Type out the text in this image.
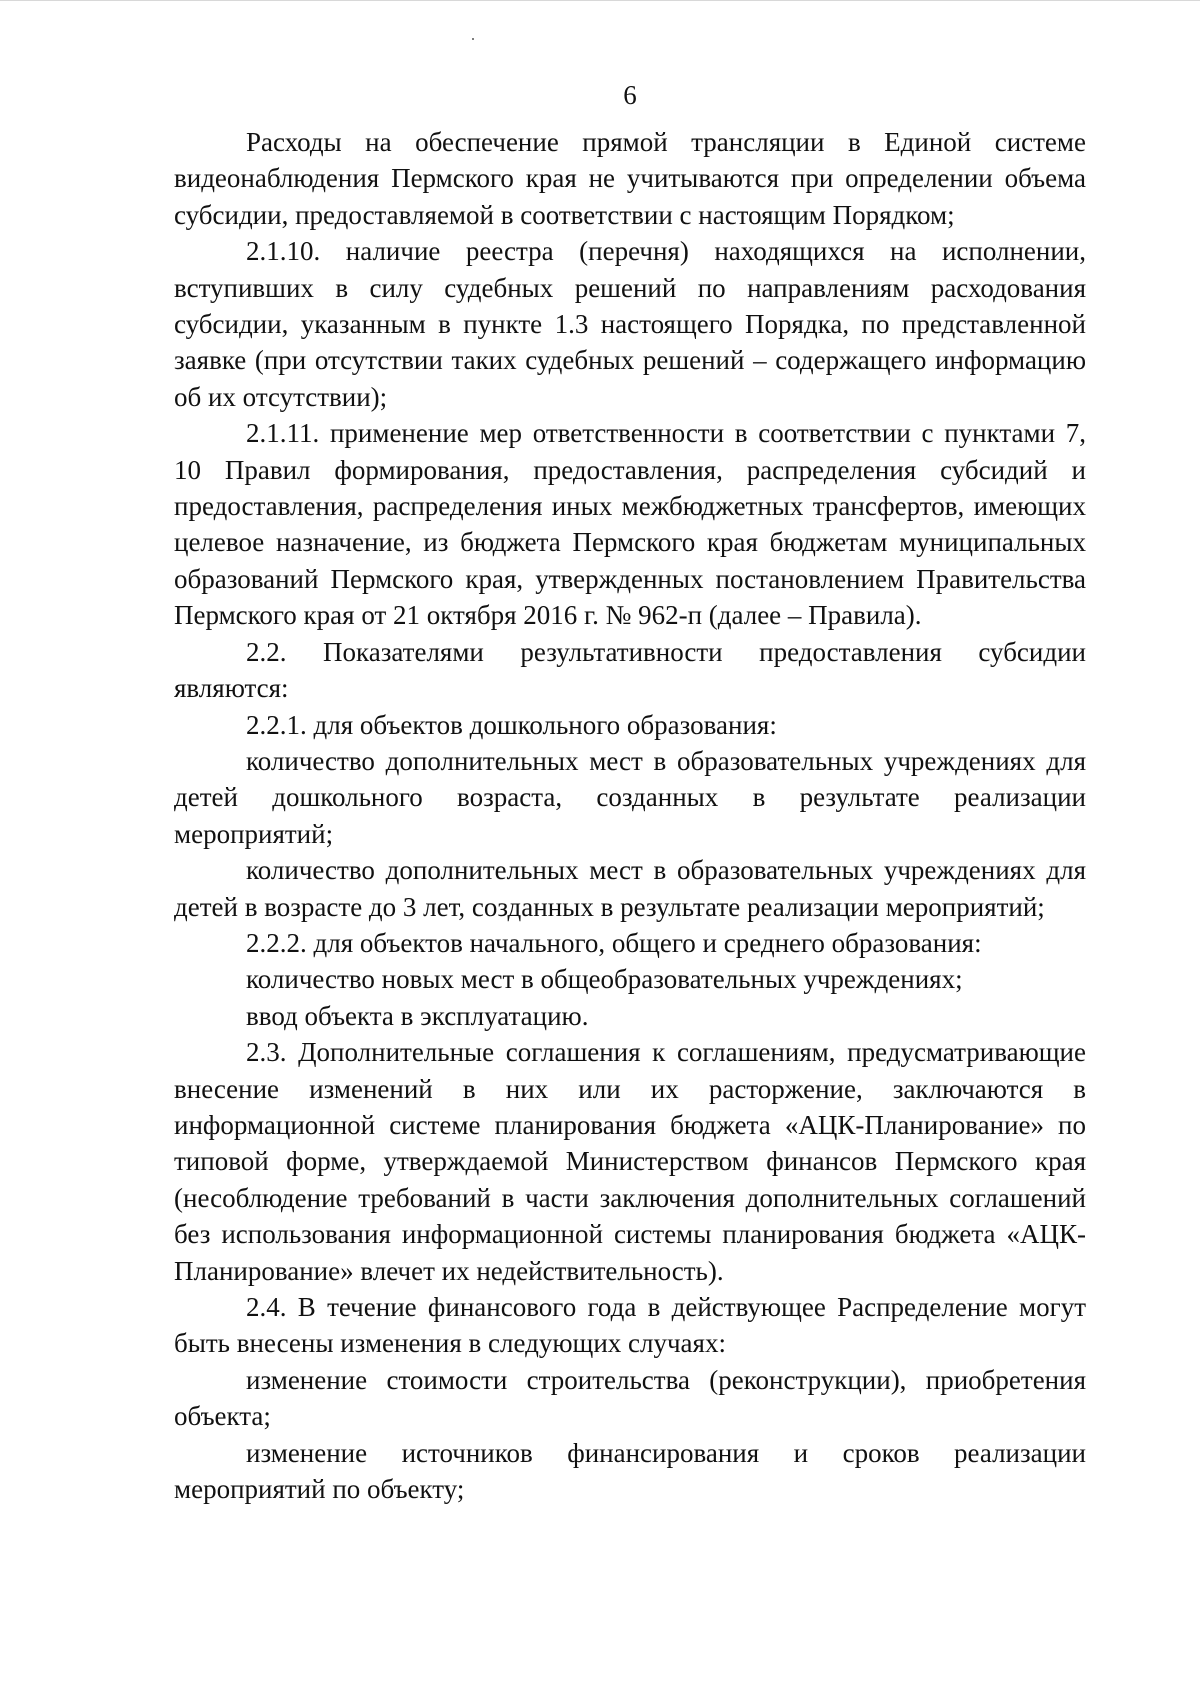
6

Расходы на обеспечение прямой трансляции в Единой системе видеонаблюдения Пермского края не учитываются при определении объема субсидии, предоставляемой в соответствии с настоящим Порядком;

2.1.10. наличие реестра (перечня) находящихся на исполнении, вступивших в силу судебных решений по направлениям расходования субсидии, указанным в пункте 1.3 настоящего Порядка, по представленной заявке (при отсутствии таких судебных решений – содержащего информацию об их отсутствии);

2.1.11. применение мер ответственности в соответствии с пунктами 7, 10 Правил формирования, предоставления, распределения субсидий и предоставления, распределения иных межбюджетных трансфертов, имеющих целевое назначение, из бюджета Пермского края бюджетам муниципальных образований Пермского края, утвержденных постановлением Правительства Пермского края от 21 октября 2016 г. № 962-п (далее – Правила).

2.2. Показателями результативности предоставления субсидии являются:

2.2.1. для объектов дошкольного образования:

количество дополнительных мест в образовательных учреждениях для детей дошкольного возраста, созданных в результате реализации мероприятий;

количество дополнительных мест в образовательных учреждениях для детей в возрасте до 3 лет, созданных в результате реализации мероприятий;

2.2.2. для объектов начального, общего и среднего образования:

количество новых мест в общеобразовательных учреждениях;

ввод объекта в эксплуатацию.

2.3. Дополнительные соглашения к соглашениям, предусматривающие внесение изменений в них или их расторжение, заключаются в информационной системе планирования бюджета «АЦК-Планирование» по типовой форме, утверждаемой Министерством финансов Пермского края (несоблюдение требований в части заключения дополнительных соглашений без использования информационной системы планирования бюджета «АЦК-Планирование» влечет их недействительность).

2.4. В течение финансового года в действующее Распределение могут быть внесены изменения в следующих случаях:

изменение стоимости строительства (реконструкции), приобретения объекта;

изменение источников финансирования и сроков реализации мероприятий по объекту;
